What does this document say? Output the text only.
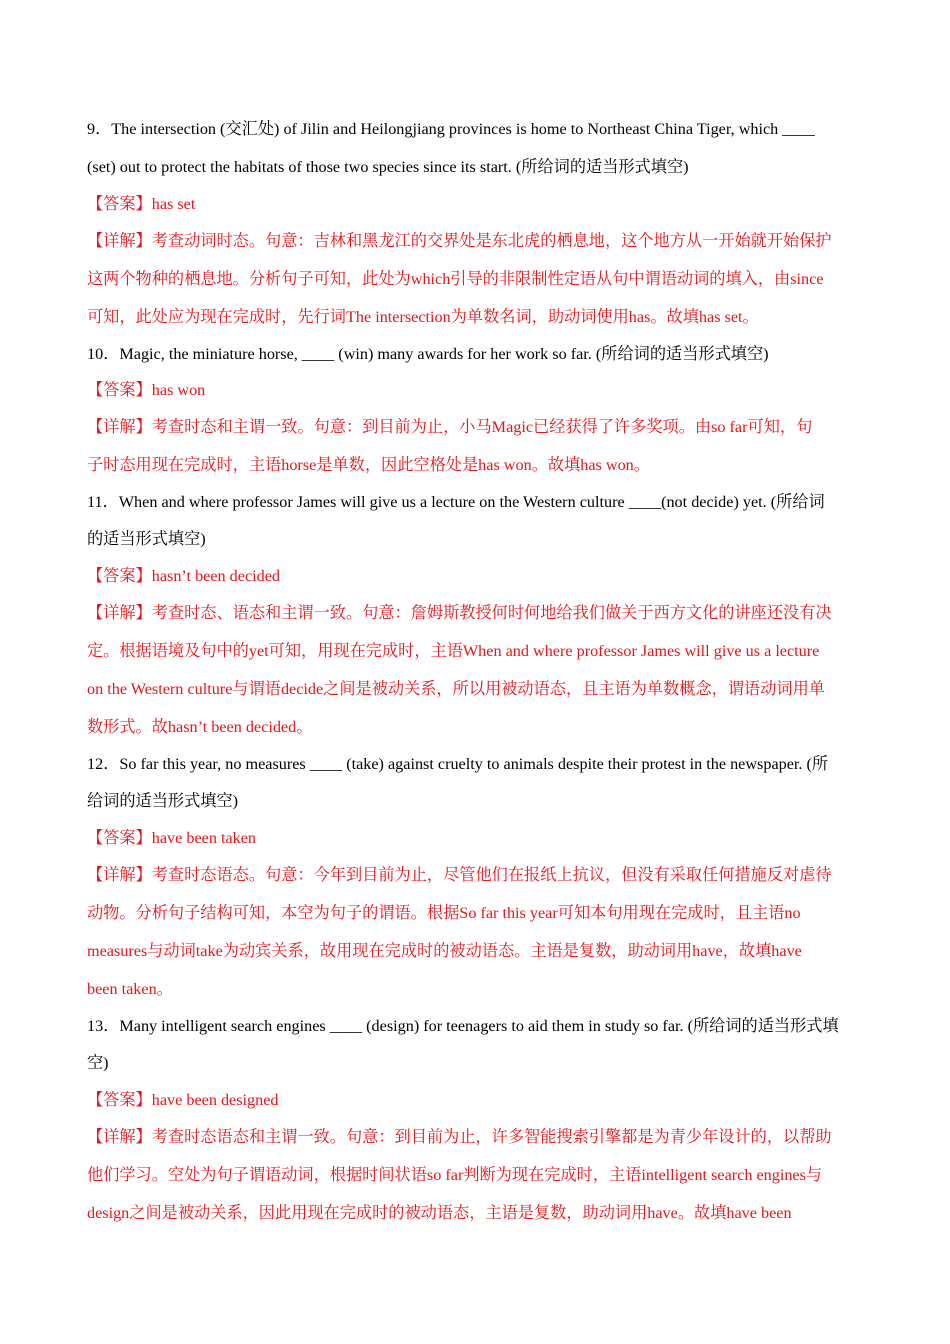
9．The intersection (交汇处) of Jilin and Heilongjiang provinces is home to Northeast China Tiger, which ____
(set) out to protect the habitats of those two species since its start. (所给词的适当形式填空)
【答案】has set
【详解】考查动词时态。句意：吉林和黑龙江的交界处是东北虎的栖息地，这个地方从一开始就开始保护
这两个物种的栖息地。分析句子可知，此处为which引导的非限制性定语从句中谓语动词的填入，由since
可知，此处应为现在完成时，先行词The intersection为单数名词，助动词使用has。故填has set。
10．Magic, the miniature horse, ____ (win) many awards for her work so far. (所给词的适当形式填空)
【答案】has won
【详解】考查时态和主谓一致。句意：到目前为止，小马Magic已经获得了许多奖项。由so far可知，句
子时态用现在完成时，主语horse是单数，因此空格处是has won。故填has won。
11．When and where professor James will give us a lecture on the Western culture ____(not decide) yet. (所给词
的适当形式填空)
【答案】hasn’t been decided
【详解】考查时态、语态和主谓一致。句意：詹姆斯教授何时何地给我们做关于西方文化的讲座还没有决
定。根据语境及句中的yet可知，用现在完成时，主语When and where professor James will give us a lecture
on the Western culture与谓语decide之间是被动关系，所以用被动语态，且主语为单数概念，谓语动词用单
数形式。故hasn’t been decided。
12．So far this year, no measures ____ (take) against cruelty to animals despite their protest in the newspaper. (所
给词的适当形式填空)
【答案】have been taken
【详解】考查时态语态。句意：今年到目前为止，尽管他们在报纸上抗议，但没有采取任何措施反对虐待
动物。分析句子结构可知，本空为句子的谓语。根据So far this year可知本句用现在完成时，且主语no
measures与动词take为动宾关系，故用现在完成时的被动语态。主语是复数，助动词用have，故填have
been taken。
13．Many intelligent search engines ____ (design) for teenagers to aid them in study so far. (所给词的适当形式填
空)
【答案】have been designed
【详解】考查时态语态和主谓一致。句意：到目前为止，许多智能搜索引擎都是为青少年设计的，以帮助
他们学习。空处为句子谓语动词，根据时间状语so far判断为现在完成时，主语intelligent search engines与
design之间是被动关系，因此用现在完成时的被动语态，主语是复数，助动词用have。故填have been
